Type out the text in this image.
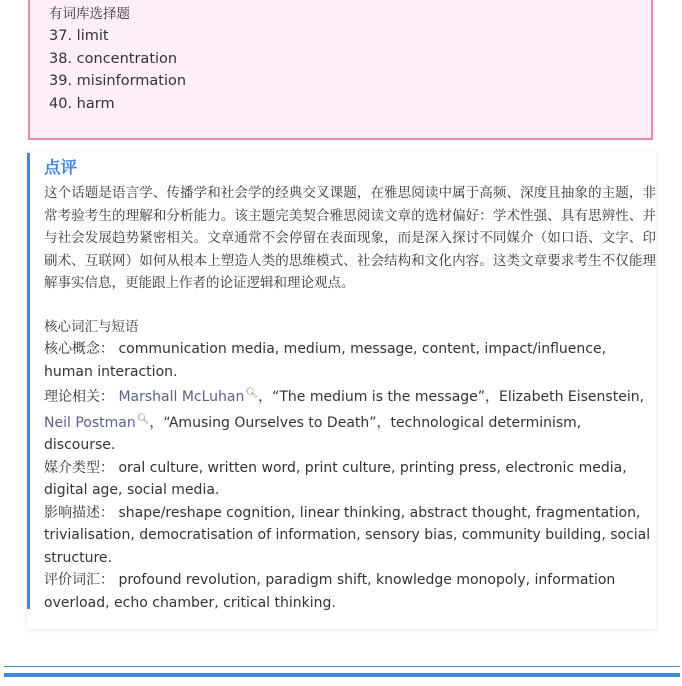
有词库选择题
37. limit
38. concentration
39. misinformation
40. harm
点评

这个话题是语言学、传播学和社会学的经典交叉课题，在雅思阅读中属于高频、深度且抽象的主题，非常考验考生的理解和分析能力。该主题完美契合雅思阅读文章的选材偏好：学术性强、具有思辨性、并与社会发展趋势紧密相关。文章通常不会停留在表面现象，而是深入探讨不同媒介（如口语、文字、印刷术、互联网）如何从根本上塑造人类的思维模式、社会结构和文化内容。这类文章要求考生不仅能理解事实信息，更能跟上作者的论证逻辑和理论观点。

核心词汇与短语

核心概念： communication media, medium, message, content, impact/influence, human interaction.

理论相关： Marshall McLuhan🔍︎，“The medium is the message”，Elizabeth Eisenstein, Neil Postman🔍︎，“Amusing Ourselves to Death”，technological determinism, discourse.

媒介类型： oral culture, written word, print culture, printing press, electronic media, digital age, social media.

影响描述： shape/reshape cognition, linear thinking, abstract thought, fragmentation, trivialisation, democratisation of information, sensory bias, community building, social structure.

评价词汇： profound revolution, paradigm shift, knowledge monopoly, information overload, echo chamber, critical thinking.
